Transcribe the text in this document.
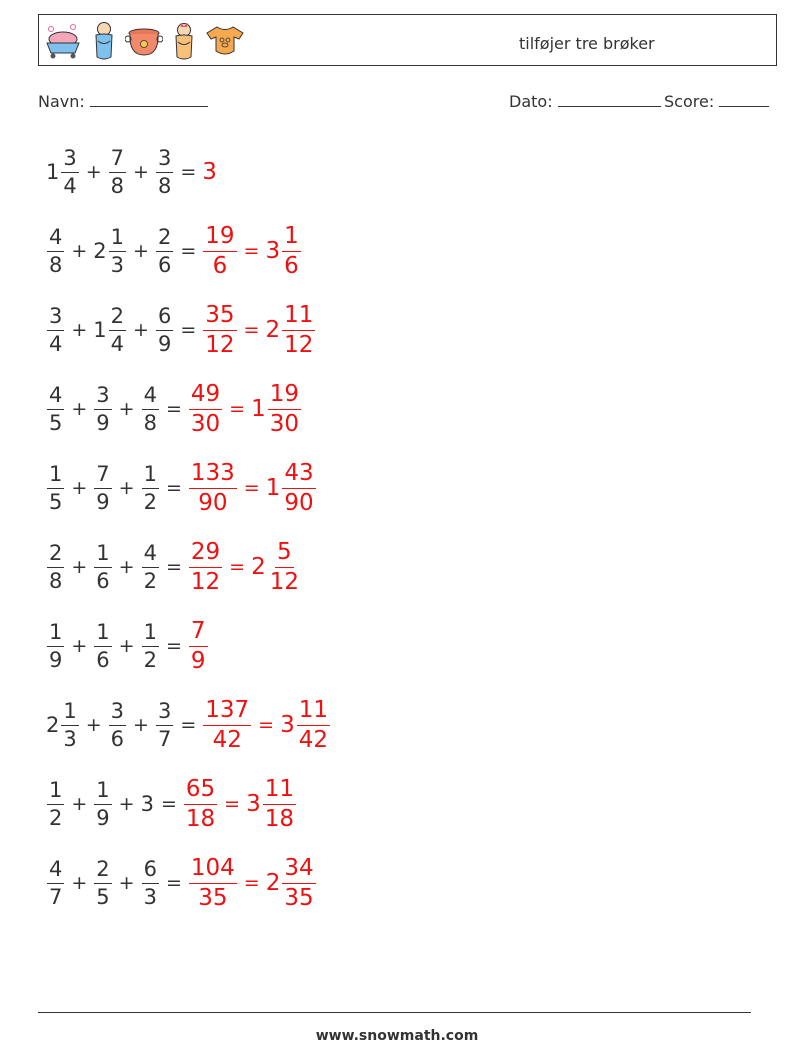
tilføjer tre brøker
Navn:	Dato:	Score:
$1 \frac{3}{4} + \frac{7}{8} + \frac{3}{8} = 3$
$\frac{4}{8} + 2 \frac{1}{3} + \frac{2}{6} = \frac{19}{6} = 3 \frac{1}{6}$
$\frac{3}{4} + 1 \frac{2}{4} + \frac{6}{9} = \frac{35}{12} = 2 \frac{11}{12}$
$\frac{4}{5} + \frac{3}{9} + \frac{4}{8} = \frac{49}{30} = 1 \frac{19}{30}$
$\frac{1}{5} + \frac{7}{9} + \frac{1}{2} = \frac{133}{90} = 1 \frac{43}{90}$
$\frac{2}{8} + \frac{1}{6} + \frac{4}{2} = \frac{29}{12} = 2 \frac{5}{12}$
$\frac{1}{9} + \frac{1}{6} + \frac{1}{2} = \frac{7}{9}$
$2 \frac{1}{3} + \frac{3}{6} + \frac{3}{7} = \frac{137}{42} = 3 \frac{11}{42}$
$\frac{1}{2} + \frac{1}{9} + 3 = \frac{65}{18} = 3 \frac{11}{18}$
$\frac{4}{7} + \frac{2}{5} + \frac{6}{3} = \frac{104}{35} = 2 \frac{34}{35}$
www.snowmath.com
